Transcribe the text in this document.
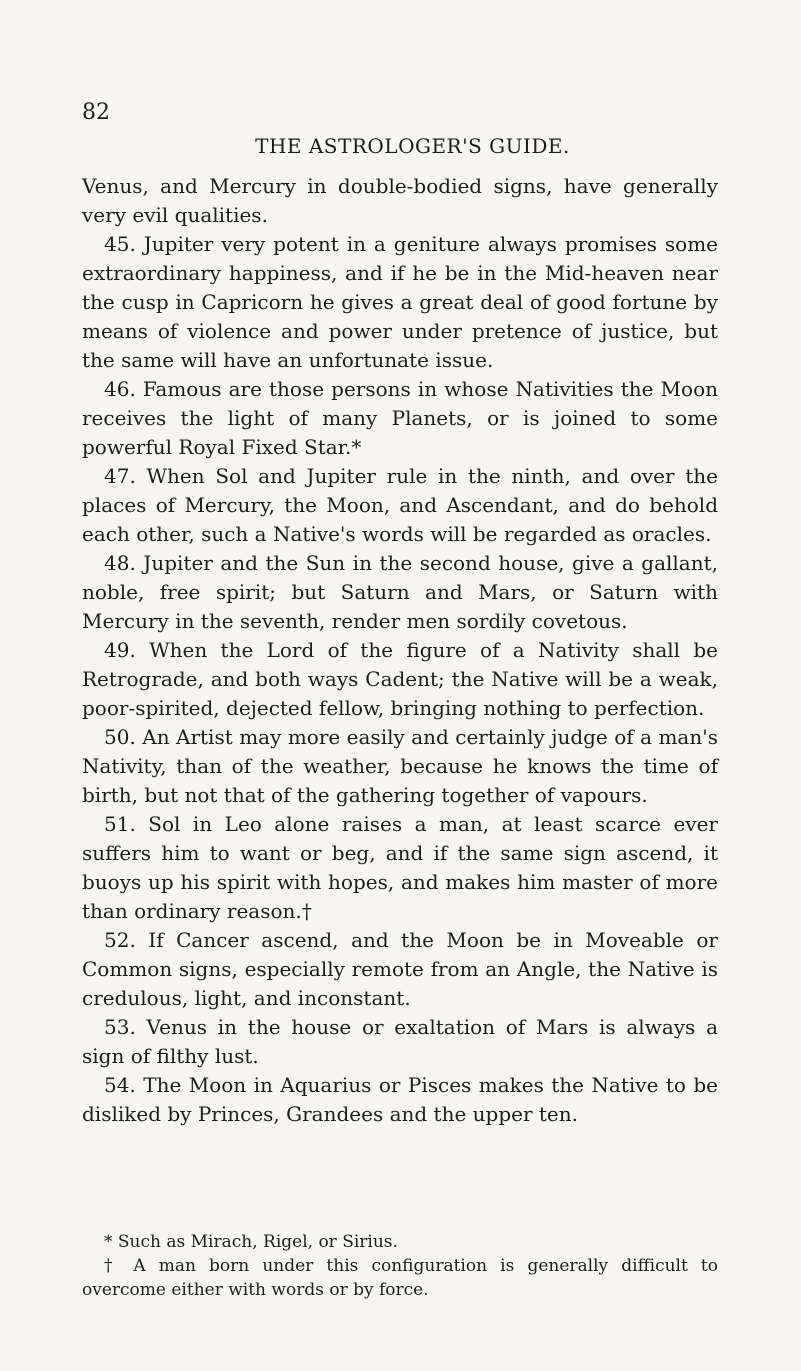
82
THE ASTROLOGER'S GUIDE.

Venus, and Mercury in double-bodied signs, have generally very evil qualities.

45. Jupiter very potent in a geniture always promises some extraordinary happiness, and if he be in the Mid-heaven near the cusp in Capricorn he gives a great deal of good fortune by means of violence and power under pretence of justice, but the same will have an unfortunate issue.

46. Famous are those persons in whose Nativities the Moon receives the light of many Planets, or is joined to some powerful Royal Fixed Star.*

47. When Sol and Jupiter rule in the ninth, and over the places of Mercury, the Moon, and Ascendant, and do behold each other, such a Native's words will be regarded as oracles.

48. Jupiter and the Sun in the second house, give a gallant, noble, free spirit; but Saturn and Mars, or Saturn with Mercury in the seventh, render men sordily covetous.

49. When the Lord of the figure of a Nativity shall be Retrograde, and both ways Cadent; the Native will be a weak, poor-spirited, dejected fellow, bringing nothing to perfection.

50. An Artist may more easily and certainly judge of a man's Nativity, than of the weather, because he knows the time of birth, but not that of the gathering together of vapours.

51. Sol in Leo alone raises a man, at least scarce ever suffers him to want or beg, and if the same sign ascend, it buoys up his spirit with hopes, and makes him master of more than ordinary reason.†

52. If Cancer ascend, and the Moon be in Moveable or Common signs, especially remote from an Angle, the Native is credulous, light, and inconstant.

53. Venus in the house or exaltation of Mars is always a sign of filthy lust.

54. The Moon in Aquarius or Pisces makes the Native to be disliked by Princes, Grandees and the upper ten.

* Such as Mirach, Rigel, or Sirius.

† A man born under this configuration is generally difficult to overcome either with words or by force.
